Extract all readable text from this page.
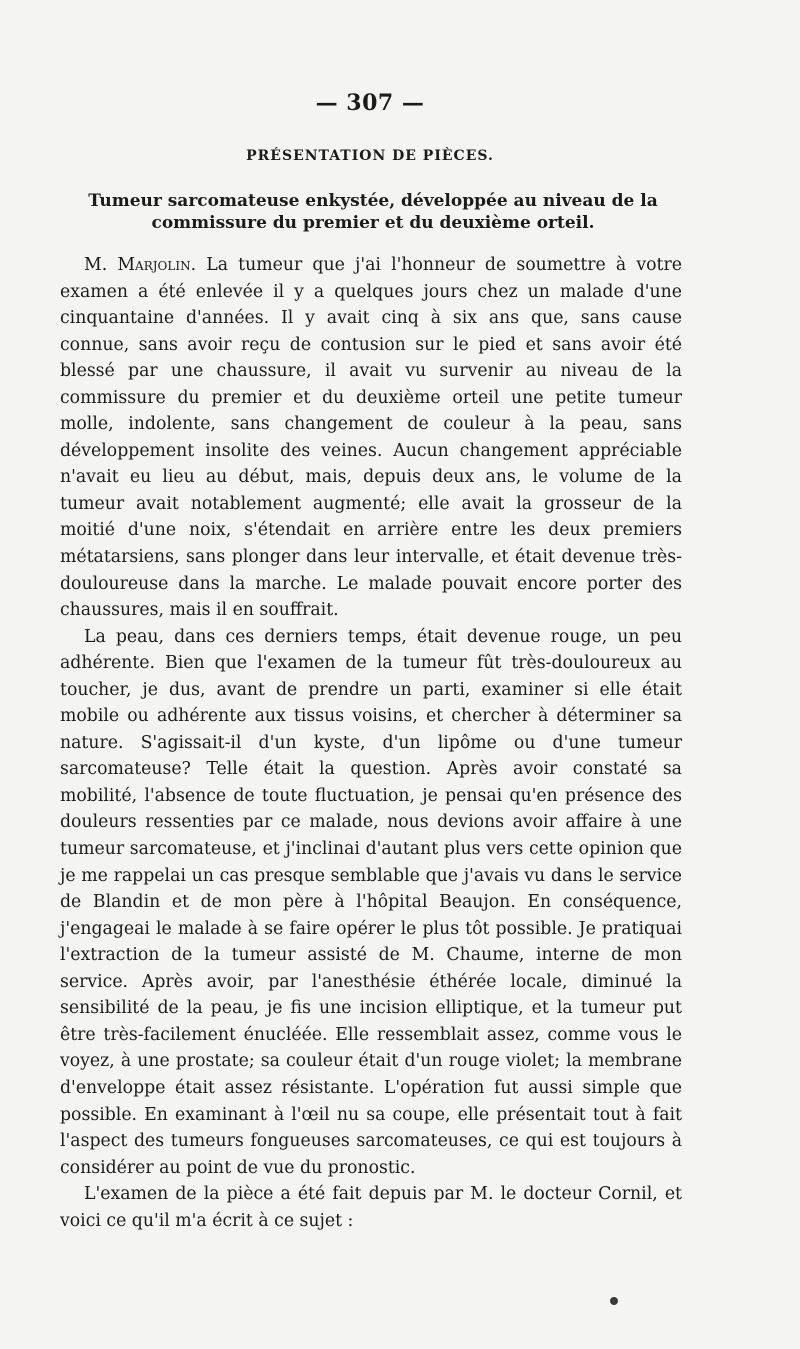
— 307 —
PRÉSENTATION DE PIÈCES.
Tumeur sarcomateuse enkystée, développée au niveau de la commissure du premier et du deuxième orteil.

M. Marjolin. La tumeur que j'ai l'honneur de soumettre à votre examen a été enlevée il y a quelques jours chez un malade d'une cinquantaine d'années. Il y avait cinq à six ans que, sans cause connue, sans avoir reçu de contusion sur le pied et sans avoir été blessé par une chaussure, il avait vu survenir au niveau de la commissure du premier et du deuxième orteil une petite tumeur molle, indolente, sans changement de couleur à la peau, sans développement insolite des veines. Aucun changement appréciable n'avait eu lieu au début, mais, depuis deux ans, le volume de la tumeur avait notablement augmenté; elle avait la grosseur de la moitié d'une noix, s'étendait en arrière entre les deux premiers métatarsiens, sans plonger dans leur intervalle, et était devenue très-douloureuse dans la marche. Le malade pouvait encore porter des chaussures, mais il en souffrait.

La peau, dans ces derniers temps, était devenue rouge, un peu adhérente. Bien que l'examen de la tumeur fût très-douloureux au toucher, je dus, avant de prendre un parti, examiner si elle était mobile ou adhérente aux tissus voisins, et chercher à déterminer sa nature. S'agissait-il d'un kyste, d'un lipôme ou d'une tumeur sarcomateuse? Telle était la question. Après avoir constaté sa mobilité, l'absence de toute fluctuation, je pensai qu'en présence des douleurs ressenties par ce malade, nous devions avoir affaire à une tumeur sarcomateuse, et j'inclinai d'autant plus vers cette opinion que je me rappelai un cas presque semblable que j'avais vu dans le service de Blandin et de mon père à l'hôpital Beaujon. En conséquence, j'engageai le malade à se faire opérer le plus tôt possible. Je pratiquai l'extraction de la tumeur assisté de M. Chaume, interne de mon service. Après avoir, par l'anesthésie éthérée locale, diminué la sensibilité de la peau, je fis une incision elliptique, et la tumeur put être très-facilement énucléée. Elle ressemblait assez, comme vous le voyez, à une prostate; sa couleur était d'un rouge violet; la membrane d'enveloppe était assez résistante. L'opération fut aussi simple que possible. En examinant à l'œil nu sa coupe, elle présentait tout à fait l'aspect des tumeurs fongueuses sarcomateuses, ce qui est toujours à considérer au point de vue du pronostic.

L'examen de la pièce a été fait depuis par M. le docteur Cornil, et voici ce qu'il m'a écrit à ce sujet :
